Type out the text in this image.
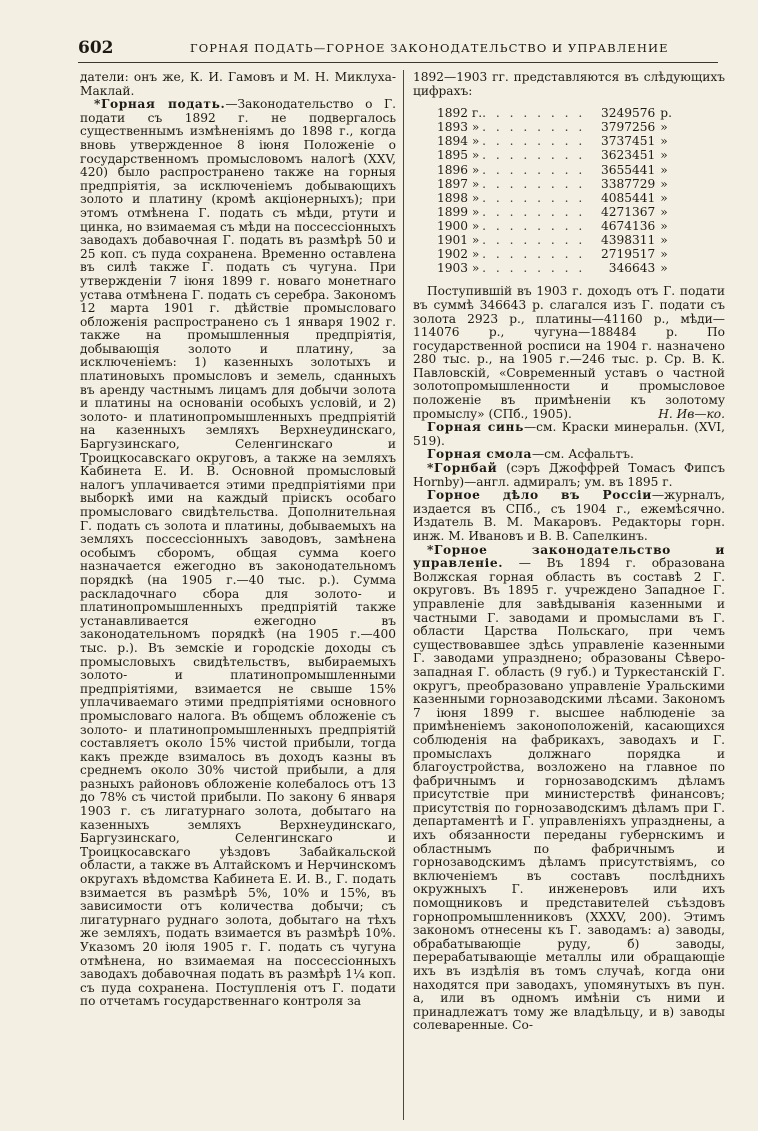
602	ГОРНАЯ ПОДАТЬ—ГОРНОЕ ЗАКОНОДАТЕЛЬСТВО И УПРАВЛЕНИЕ

датели: онъ же, К. И. Гамовъ и М. Н. Миклуха-Маклай.

*Горная подать.—Законодательство о Г. подати съ 1892 г. не подвергалось существеннымъ измѣненіямъ до 1898 г., когда вновь утвержденное 8 іюня Положеніе о государственномъ промысловомъ налогѣ (XXV, 420) было распространено также на горныя предпріятія, за исключеніемъ добывающихъ золото и платину (кромѣ акціонерныхъ); при этомъ отмѣнена Г. подать съ мѣди, ртути и цинка, но взимаемая съ мѣди на поссессіонныхъ заводахъ добавочная Г. подать въ размѣрѣ 50 и 25 коп. съ пуда сохранена. Временно оставлена въ силѣ также Г. подать съ чугуна. При утвержденіи 7 іюня 1899 г. новаго монетнаго устава отмѣнена Г. подать съ серебра. Закономъ 12 марта 1901 г. дѣйствіе промысловаго обложенія распространено съ 1 января 1902 г. также на промышленныя предпріятія, добывающія золото и платину, за исключеніемъ: 1) казенныхъ золотыхъ и платиновыхъ промысловъ и земель, сданныхъ въ аренду частнымъ лицамъ для добычи золота и платины на основаніи особыхъ условій, и 2) золото- и платинопромышленныхъ предпріятій на казенныхъ земляхъ Верхнеудинскаго, Баргузинскаго, Селенгинскаго и Троицкосавскаго округовъ, а также на земляхъ Кабинета Е. И. В. Основной промысловый налогъ уплачивается этими предпріятіями при выборкѣ ими на каждый пріискъ особаго промысловаго свидѣтельства. Дополнительная Г. подать съ золота и платины, добываемыхъ на земляхъ поссессіонныхъ заводовъ, замѣнена особымъ сборомъ, общая сумма коего назначается ежегодно въ законодательномъ порядкѣ (на 1905 г.—40 тыс. р.). Сумма раскладочнаго сбора для золото- и платинопромышленныхъ предпріятій также устанавливается ежегодно въ законодательномъ порядкѣ (на 1905 г.—400 тыс. р.). Въ земскіе и городскіе доходы съ промысловыхъ свидѣтельствъ, выбираемыхъ золото- и платинопромышленными предпріятіями, взимается не свыше 15% уплачиваемаго этими предпріятіями основного промысловаго налога. Въ общемъ обложеніе съ золото- и платинопромышленныхъ предпріятій составляетъ около 15% чистой прибыли, тогда какъ прежде взималось въ доходъ казны въ среднемъ около 30% чистой прибыли, а для разныхъ районовъ обложеніе колебалось отъ 13 до 78% съ чистой прибыли. По закону 6 января 1903 г. съ лигатурнаго золота, добытаго на казенныхъ земляхъ Верхнеудинскаго, Баргузинскаго, Селенгинскаго и Троицкосавскаго уѣздовъ Забайкальской области, а также въ Алтайскомъ и Нерчинскомъ округахъ вѣдомства Кабинета Е. И. В., Г. подать взимается въ размѣрѣ 5%, 10% и 15%, въ зависимости отъ количества добычи; съ лигатурнаго руднаго золота, добытаго на тѣхъ же земляхъ, подать взимается въ размѣрѣ 10%. Указомъ 20 іюля 1905 г. Г. подать съ чугуна отмѣнена, но взимаемая на поссессіонныхъ заводахъ добавочная подать въ размѣрѣ 1¼ коп. съ пуда сохранена. Поступленія отъ Г. подати по отчетамъ государственнаго контроля за

1892—1903 гг. представляются въ слѣдующихъ цифрахъ:

1892 г.	. . . . . . . .	3249576	р.
1893 »	. . . . . . . .	3797256	»
1894 »	. . . . . . . .	3737451	»
1895 »	. . . . . . . .	3623451	»
1896 »	. . . . . . . .	3655441	»
1897 »	. . . . . . . .	3387729	»
1898 »	. . . . . . . .	4085441	»
1899 »	. . . . . . . .	4271367	»
1900 »	. . . . . . . .	4674136	»
1901 »	. . . . . . . .	4398311	»
1902 »	. . . . . . . .	2719517	»
1903 »	. . . . . . . .	346643	»

Поступившій въ 1903 г. доходъ отъ Г. подати въ суммѣ 346643 р. слагался изъ Г. подати съ золота 2923 р., платины—41160 р., мѣди—114076 р., чугуна—188484 р. По государственной росписи на 1904 г. назначено 280 тыс. р., на 1905 г.—246 тыс. р. Ср. В. К. Павловскій, «Современный уставъ о частной золотопромышленности и промысловое положеніе въ примѣненіи къ золотому промыслу» (СПб., 1905).	Н. Ив—ко.

Горная синь—см. Краски минеральн. (XVI, 519).

Горная смола—см. Асфальтъ.

*Горнбай (сэръ Джоффрей Томасъ Фипсъ Hornby)—англ. адмиралъ; ум. въ 1895 г.

Горное дѣло въ Россіи—журналъ, издается въ СПб., съ 1904 г., ежемѣсячно. Издатель В. М. Макаровъ. Редакторы горн. инж. М. Ивановъ и В. В. Сапелкинъ.

*Горное законодательство и управленіе. — Въ 1894 г. образована Волжская горная область въ составѣ 2 Г. округовъ. Въ 1895 г. учреждено Западное Г. управленіе для завѣдыванія казенными и частными Г. заводами и промыслами въ Г. области Царства Польскаго, при чемъ существовавшее здѣсь управленіе казенными Г. заводами упразднено; образованы Сѣверо-западная Г. область (9 губ.) и Туркестанскій Г. округъ, преобразовано управленіе Уральскими казенными горнозаводскими лѣсами. Закономъ 7 іюня 1899 г. высшее наблюденіе за примѣненіемъ законоположеній, касающихся соблюденія на фабрикахъ, заводахъ и Г. промыслахъ должнаго порядка и благоустройства, возложено на главное по фабричнымъ и горнозаводскимъ дѣламъ присутствіе при министерствѣ финансовъ; присутствія по горнозаводскимъ дѣламъ при Г. департаментѣ и Г. управленіяхъ упразднены, а ихъ обязанности переданы губернскимъ и областнымъ по фабричнымъ и горнозаводскимъ дѣламъ присутствіямъ, со включеніемъ въ составъ послѣднихъ окружныхъ Г. инженеровъ или ихъ помощниковъ и представителей съѣздовъ горнопромышленниковъ (XXXV, 200). Этимъ закономъ отнесены къ Г. заводамъ: а) заводы, обрабатывающіе руду, б) заводы, перерабатывающіе металлы или обращающіе ихъ въ издѣлія въ томъ случаѣ, когда они находятся при заводахъ, упомянутыхъ въ пун. а, или въ одномъ имѣніи съ ними и принадлежатъ тому же владѣльцу, и в) заводы солеваренные. Со-
